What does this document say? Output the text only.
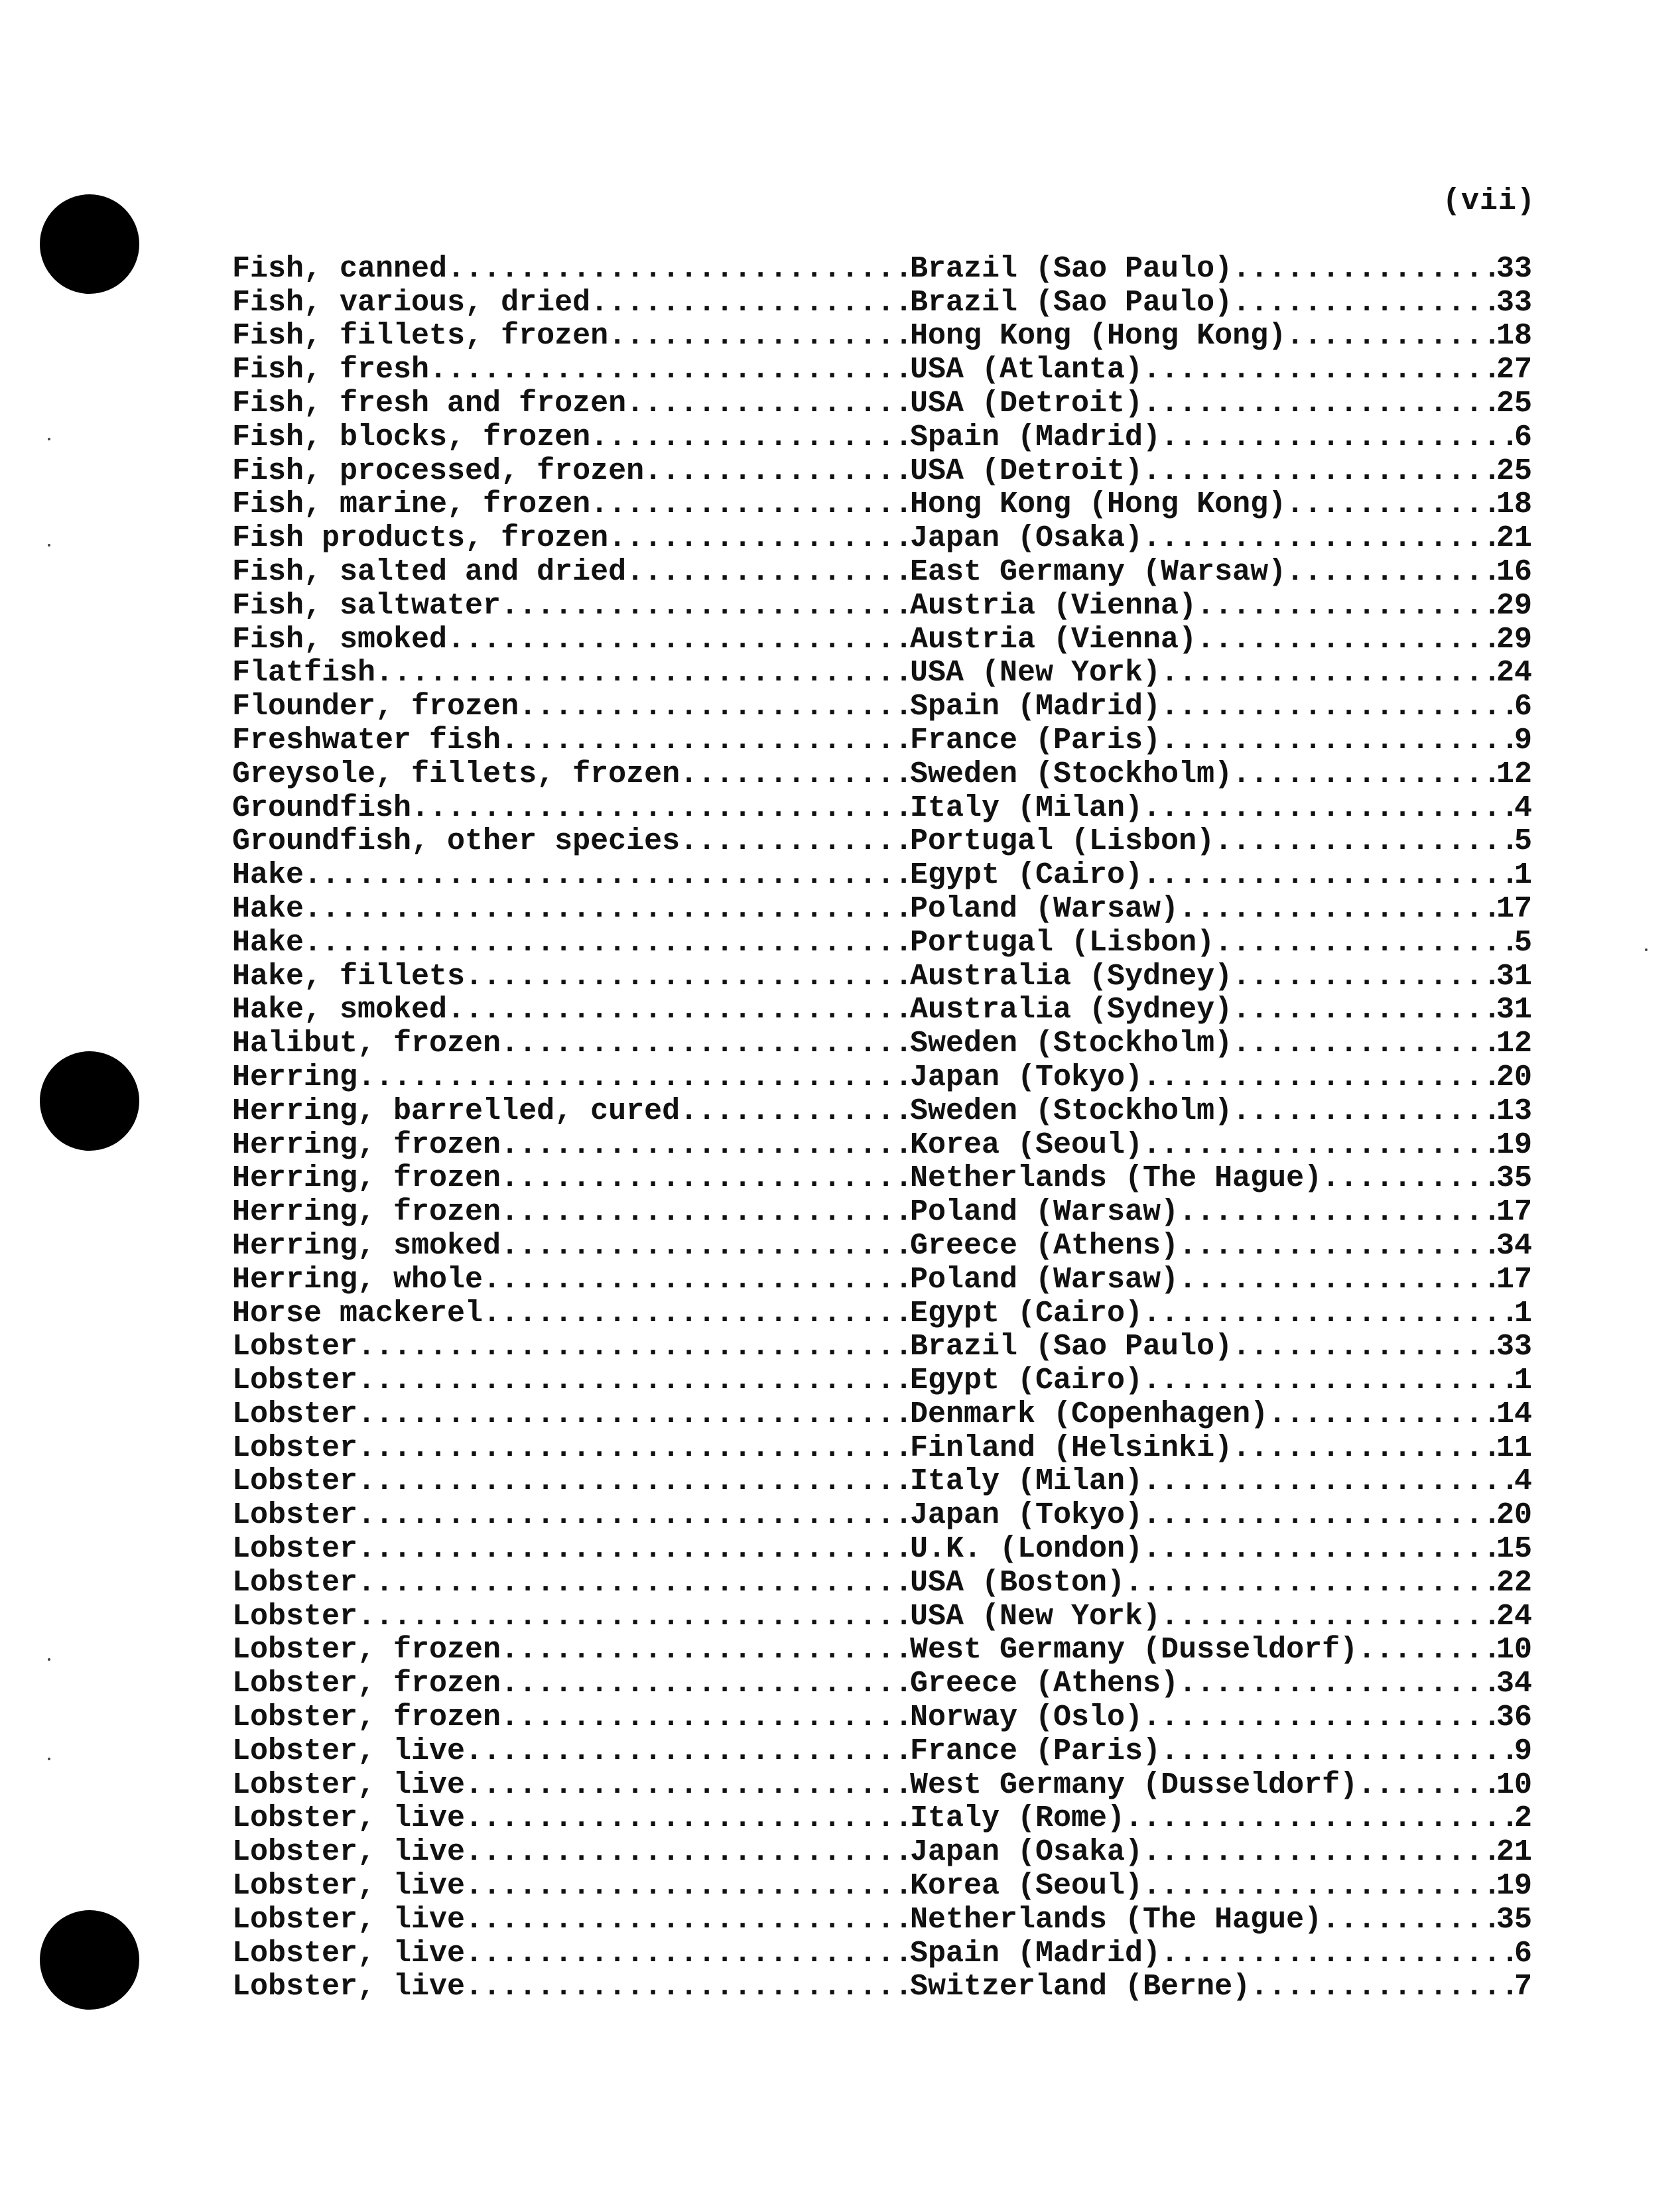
(vii)
Fish, canned .....	Brazil (Sao Paulo) .....	33
Fish, various, dried .....	Brazil (Sao Paulo) .....	33
Fish, fillets, frozen .....	Hong Kong (Hong Kong) .....	18
Fish, fresh .....	USA (Atlanta) .....	27
Fish, fresh and frozen .....	USA (Detroit) .....	25
Fish, blocks, frozen .....	Spain (Madrid) .....	6
Fish, processed, frozen .....	USA (Detroit) .....	25
Fish, marine, frozen .....	Hong Kong (Hong Kong) .....	18
Fish products, frozen .....	Japan (Osaka) .....	21
Fish, salted and dried .....	East Germany (Warsaw) .....	16
Fish, saltwater .....	Austria (Vienna) .....	29
Fish, smoked .....	Austria (Vienna) .....	29
Flatfish .....	USA (New York) .....	24
Flounder, frozen .....	Spain (Madrid) .....	6
Freshwater fish .....	France (Paris) .....	9
Greysole, fillets, frozen .....	Sweden (Stockholm) .....	12
Groundfish .....	Italy (Milan) .....	4
Groundfish, other species .....	Portugal (Lisbon) .....	5
Hake .....	Egypt (Cairo) .....	1
Hake .....	Poland (Warsaw) .....	17
Hake .....	Portugal (Lisbon) .....	5
Hake, fillets .....	Australia (Sydney) .....	31
Hake, smoked .....	Australia (Sydney) .....	31
Halibut, frozen .....	Sweden (Stockholm) .....	12
Herring .....	Japan (Tokyo) .....	20
Herring, barrelled, cured .....	Sweden (Stockholm) .....	13
Herring, frozen .....	Korea (Seoul) .....	19
Herring, frozen .....	Netherlands (The Hague) .....	35
Herring, frozen .....	Poland (Warsaw) .....	17
Herring, smoked .....	Greece (Athens) .....	34
Herring, whole .....	Poland (Warsaw) .....	17
Horse mackerel .....	Egypt (Cairo) .....	1
Lobster .....	Brazil (Sao Paulo) .....	33
Lobster .....	Egypt (Cairo) .....	1
Lobster .....	Denmark (Copenhagen) .....	14
Lobster .....	Finland (Helsinki) .....	11
Lobster .....	Italy (Milan) .....	4
Lobster .....	Japan (Tokyo) .....	20
Lobster .....	U.K. (London) .....	15
Lobster .....	USA (Boston) .....	22
Lobster .....	USA (New York) .....	24
Lobster, frozen .....	West Germany (Dusseldorf) .....	10
Lobster, frozen .....	Greece (Athens) .....	34
Lobster, frozen .....	Norway (Oslo) .....	36
Lobster, live .....	France (Paris) .....	9
Lobster, live .....	West Germany (Dusseldorf) .....	10
Lobster, live .....	Italy (Rome) .....	2
Lobster, live .....	Japan (Osaka) .....	21
Lobster, live .....	Korea (Seoul) .....	19
Lobster, live .....	Netherlands (The Hague) .....	35
Lobster, live .....	Spain (Madrid) .....	6
Lobster, live .....	Switzerland (Berne) .....	7
